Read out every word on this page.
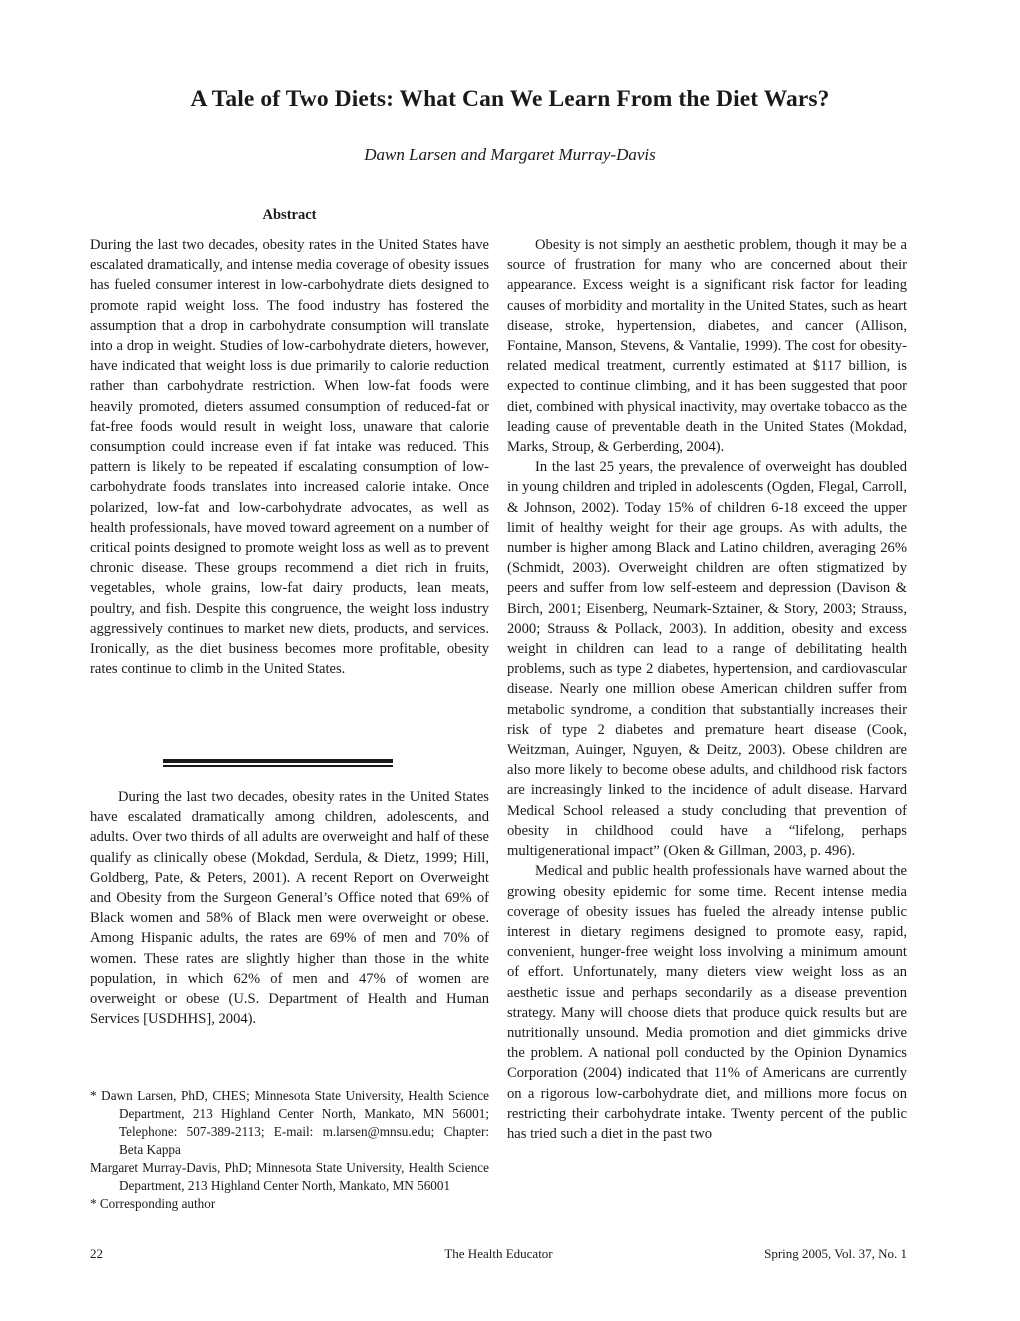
A Tale of Two Diets: What Can We Learn From the Diet Wars?
Dawn Larsen and Margaret Murray-Davis
Abstract

During the last two decades, obesity rates in the United States have escalated dramatically, and intense media coverage of obesity issues has fueled consumer interest in low-carbohydrate diets designed to promote rapid weight loss. The food industry has fostered the assumption that a drop in carbohydrate consumption will translate into a drop in weight. Studies of low-carbohydrate dieters, however, have indicated that weight loss is due primarily to calorie reduction rather than carbohydrate restriction. When low-fat foods were heavily promoted, dieters assumed consumption of reduced-fat or fat-free foods would result in weight loss, unaware that calorie consumption could increase even if fat intake was reduced. This pattern is likely to be repeated if escalating consumption of low-carbohydrate foods translates into increased calorie intake. Once polarized, low-fat and low-carbohydrate advocates, as well as health professionals, have moved toward agreement on a number of critical points designed to promote weight loss as well as to prevent chronic disease. These groups recommend a diet rich in fruits, vegetables, whole grains, low-fat dairy products, lean meats, poultry, and fish. Despite this congruence, the weight loss industry aggressively continues to market new diets, products, and services. Ironically, as the diet business becomes more profitable, obesity rates continue to climb in the United States.

During the last two decades, obesity rates in the United States have escalated dramatically among children, adolescents, and adults. Over two thirds of all adults are overweight and half of these qualify as clinically obese (Mokdad, Serdula, & Dietz, 1999; Hill, Goldberg, Pate, & Peters, 2001). A recent Report on Overweight and Obesity from the Surgeon General’s Office noted that 69% of Black women and 58% of Black men were overweight or obese. Among Hispanic adults, the rates are 69% of men and 70% of women. These rates are slightly higher than those in the white population, in which 62% of men and 47% of women are overweight or obese (U.S. Department of Health and Human Services [USDHHS], 2004).

Obesity is not simply an aesthetic problem, though it may be a source of frustration for many who are concerned about their appearance. Excess weight is a significant risk factor for leading causes of morbidity and mortality in the United States, such as heart disease, stroke, hypertension, diabetes, and cancer (Allison, Fontaine, Manson, Stevens, & Vantalie, 1999). The cost for obesity-related medical treatment, currently estimated at $117 billion, is expected to continue climbing, and it has been suggested that poor diet, combined with physical inactivity, may overtake tobacco as the leading cause of preventable death in the United States (Mokdad, Marks, Stroup, & Gerberding, 2004).

In the last 25 years, the prevalence of overweight has doubled in young children and tripled in adolescents (Ogden, Flegal, Carroll, & Johnson, 2002). Today 15% of children 6-18 exceed the upper limit of healthy weight for their age groups. As with adults, the number is higher among Black and Latino children, averaging 26% (Schmidt, 2003). Overweight children are often stigmatized by peers and suffer from low self-esteem and depression (Davison & Birch, 2001; Eisenberg, Neumark-Sztainer, & Story, 2003; Strauss, 2000; Strauss & Pollack, 2003). In addition, obesity and excess weight in children can lead to a range of debilitating health problems, such as type 2 diabetes, hypertension, and cardiovascular disease. Nearly one million obese American children suffer from metabolic syndrome, a condition that substantially increases their risk of type 2 diabetes and premature heart disease (Cook, Weitzman, Auinger, Nguyen, & Deitz, 2003). Obese children are also more likely to become obese adults, and childhood risk factors are increasingly linked to the incidence of adult disease. Harvard Medical School released a study concluding that prevention of obesity in childhood could have a “lifelong, perhaps multigenerational impact” (Oken & Gillman, 2003, p. 496).

Medical and public health professionals have warned about the growing obesity epidemic for some time. Recent intense media coverage of obesity issues has fueled the already intense public interest in dietary regimens designed to promote easy, rapid, convenient, hunger-free weight loss involving a minimum amount of effort. Unfortunately, many dieters view weight loss as an aesthetic issue and perhaps secondarily as a disease prevention strategy. Many will choose diets that produce quick results but are nutritionally unsound. Media promotion and diet gimmicks drive the problem. A national poll conducted by the Opinion Dynamics Corporation (2004) indicated that 11% of Americans are currently on a rigorous low-carbohydrate diet, and millions more focus on restricting their carbohydrate intake. Twenty percent of the public has tried such a diet in the past two

* Dawn Larsen, PhD, CHES; Minnesota State University, Health Science Department, 213 Highland Center North, Mankato, MN 56001; Telephone: 507-389-2113; E-mail: m.larsen@mnsu.edu; Chapter: Beta Kappa

Margaret Murray-Davis, PhD; Minnesota State University, Health Science Department, 213 Highland Center North, Mankato, MN 56001

* Corresponding author

The Health Educator
22	Spring 2005, Vol. 37, No. 1
